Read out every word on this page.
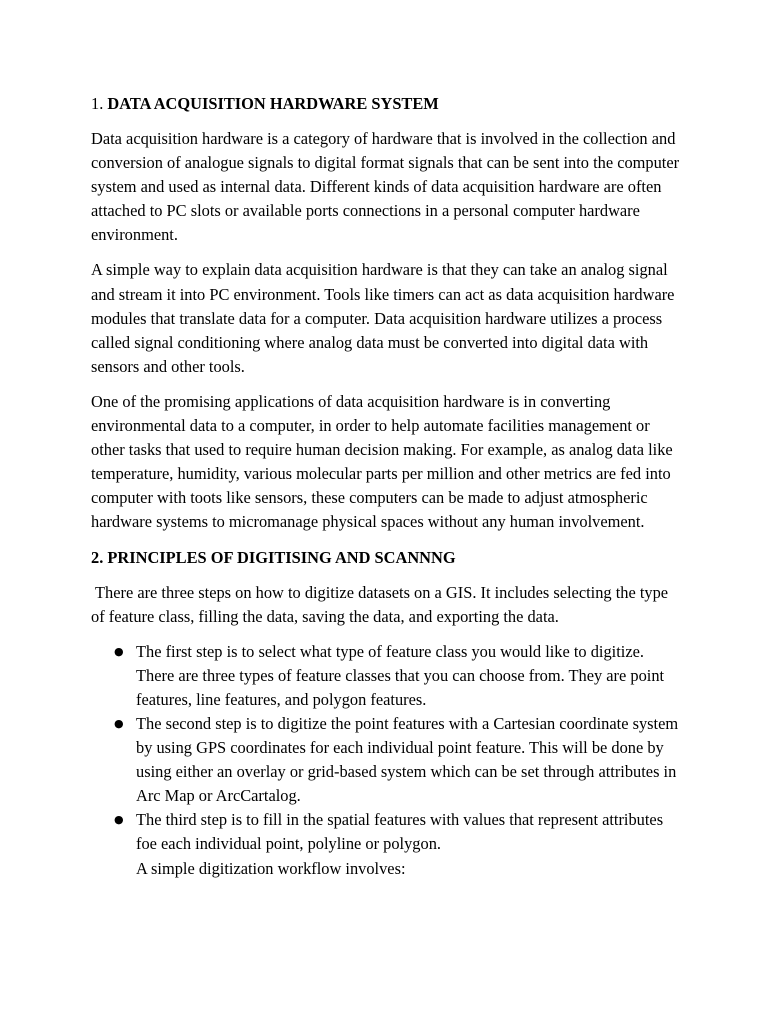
1. DATA ACQUISITION HARDWARE SYSTEM

Data acquisition hardware is a category of hardware that is involved in the collection and conversion of analogue signals to digital format signals that can be sent into the computer system and used as internal data. Different kinds of data acquisition hardware are often attached to PC slots or available ports connections in a personal computer hardware environment.

A simple way to explain data acquisition hardware is that they can take an analog signal and stream it into PC environment. Tools like timers can act as data acquisition hardware modules that translate data for a computer. Data acquisition hardware utilizes a process called signal conditioning where analog data must be converted into digital data with sensors and other tools.

One of the promising applications of data acquisition hardware is in converting environmental data to a computer, in order to help automate facilities management or other tasks that used to require human decision making. For example, as analog data like temperature, humidity, various molecular parts per million and other metrics are fed into computer with toots like sensors, these computers can be made to adjust atmospheric hardware systems to micromanage physical spaces without any human involvement.

2. PRINCIPLES OF DIGITISING AND SCANNNG

There are three steps on how to digitize datasets on a GIS. It includes selecting the type of feature class, filling the data, saving the data, and exporting the data.

● The first step is to select what type of feature class you would like to digitize. There are three types of feature classes that you can choose from. They are point features, line features, and polygon features.
● The second step is to digitize the point features with a Cartesian coordinate system by using GPS coordinates for each individual point feature. This will be done by using either an overlay or grid-based system which can be set through attributes in Arc Map or ArcCartalog.
● The third step is to fill in the spatial features with values that represent attributes foe each individual point, polyline or polygon.
A simple digitization workflow involves:
